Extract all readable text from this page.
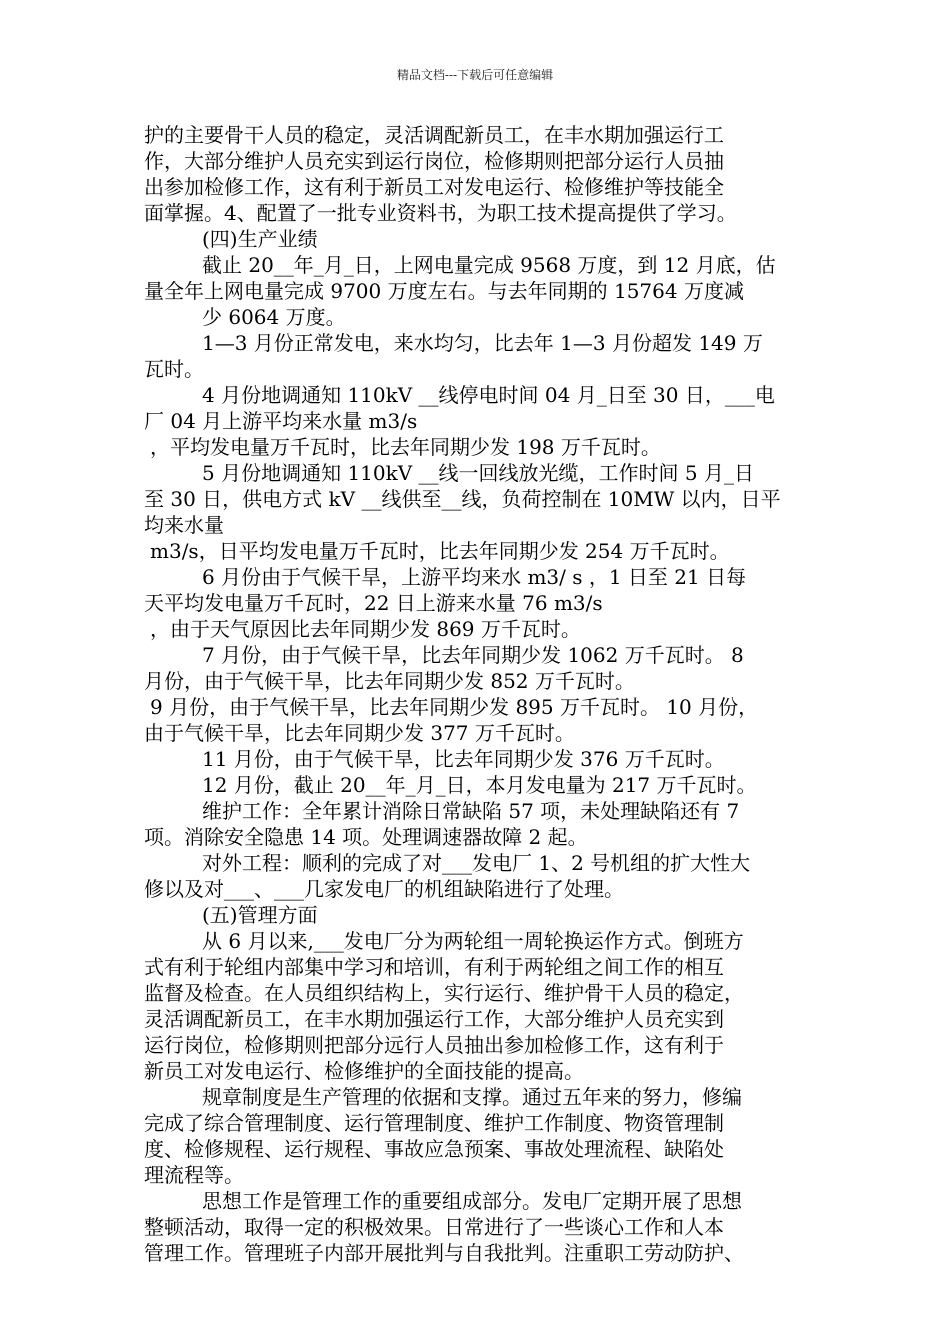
精品文档---下载后可任意编辑

护的主要骨干人员的稳定，灵活调配新员工，在丰水期加强运行工

作，大部分维护人员充实到运行岗位，检修期则把部分运行人员抽

出参加检修工作，这有利于新员工对发电运行、检修维护等技能全

面掌握。4、配置了一批专业资料书，为职工技术提高提供了学习。

(四)生产业绩

截止 20__年_月_日，上网电量完成 9568 万度，到 12 月底，估

量全年上网电量完成 9700 万度左右。与去年同期的 15764 万度减

少 6064 万度。

1—3 月份正常发电，来水均匀，比去年 1—3 月份超发 149 万

瓦时。

4 月份地调通知 110kV __线停电时间 04 月_日至 30 日，___电

厂 04 月上游平均来水量 m3/s

，平均发电量万千瓦时，比去年同期少发 198 万千瓦时。

5 月份地调通知 110kV __线一回线放光缆，工作时间 5 月_日

至 30 日，供电方式 kV __线供至__线，负荷控制在 10MW 以内，日平

均来水量

m3/s，日平均发电量万千瓦时，比去年同期少发 254 万千瓦时。

6 月份由于气候干旱，上游平均来水 m3/ s ，1 日至 21 日每

天平均发电量万千瓦时，22 日上游来水量 76 m3/s

，由于天气原因比去年同期少发 869 万千瓦时。

7 月份，由于气候干旱，比去年同期少发 1062 万千瓦时。 8

月份，由于气候干旱，比去年同期少发 852 万千瓦时。

9 月份，由于气候干旱，比去年同期少发 895 万千瓦时。 10 月份，

由于气候干旱，比去年同期少发 377 万千瓦时。

11 月份，由于气候干旱，比去年同期少发 376 万千瓦时。

12 月份，截止 20__年_月_日，本月发电量为 217 万千瓦时。

维护工作：全年累计消除日常缺陷 57 项，未处理缺陷还有 7

项。消除安全隐患 14 项。处理调速器故障 2 起。

对外工程：顺利的完成了对___发电厂 1、2 号机组的扩大性大

修以及对___、___几家发电厂的机组缺陷进行了处理。

(五)管理方面

从 6 月以来,___发电厂分为两轮组一周轮换运作方式。倒班方

式有利于轮组内部集中学习和培训，有利于两轮组之间工作的相互

监督及检查。在人员组织结构上，实行运行、维护骨干人员的稳定，

灵活调配新员工，在丰水期加强运行工作，大部分维护人员充实到

运行岗位，检修期则把部分远行人员抽出参加检修工作，这有利于

新员工对发电运行、检修维护的全面技能的提高。

规章制度是生产管理的依据和支撑。通过五年来的努力，修编

完成了综合管理制度、运行管理制度、维护工作制度、物资管理制

度、检修规程、运行规程、事故应急预案、事故处理流程、缺陷处

理流程等。

思想工作是管理工作的重要组成部分。发电厂定期开展了思想

整顿活动，取得一定的积极效果。日常进行了一些谈心工作和人本

管理工作。管理班子内部开展批判与自我批判。注重职工劳动防护、
